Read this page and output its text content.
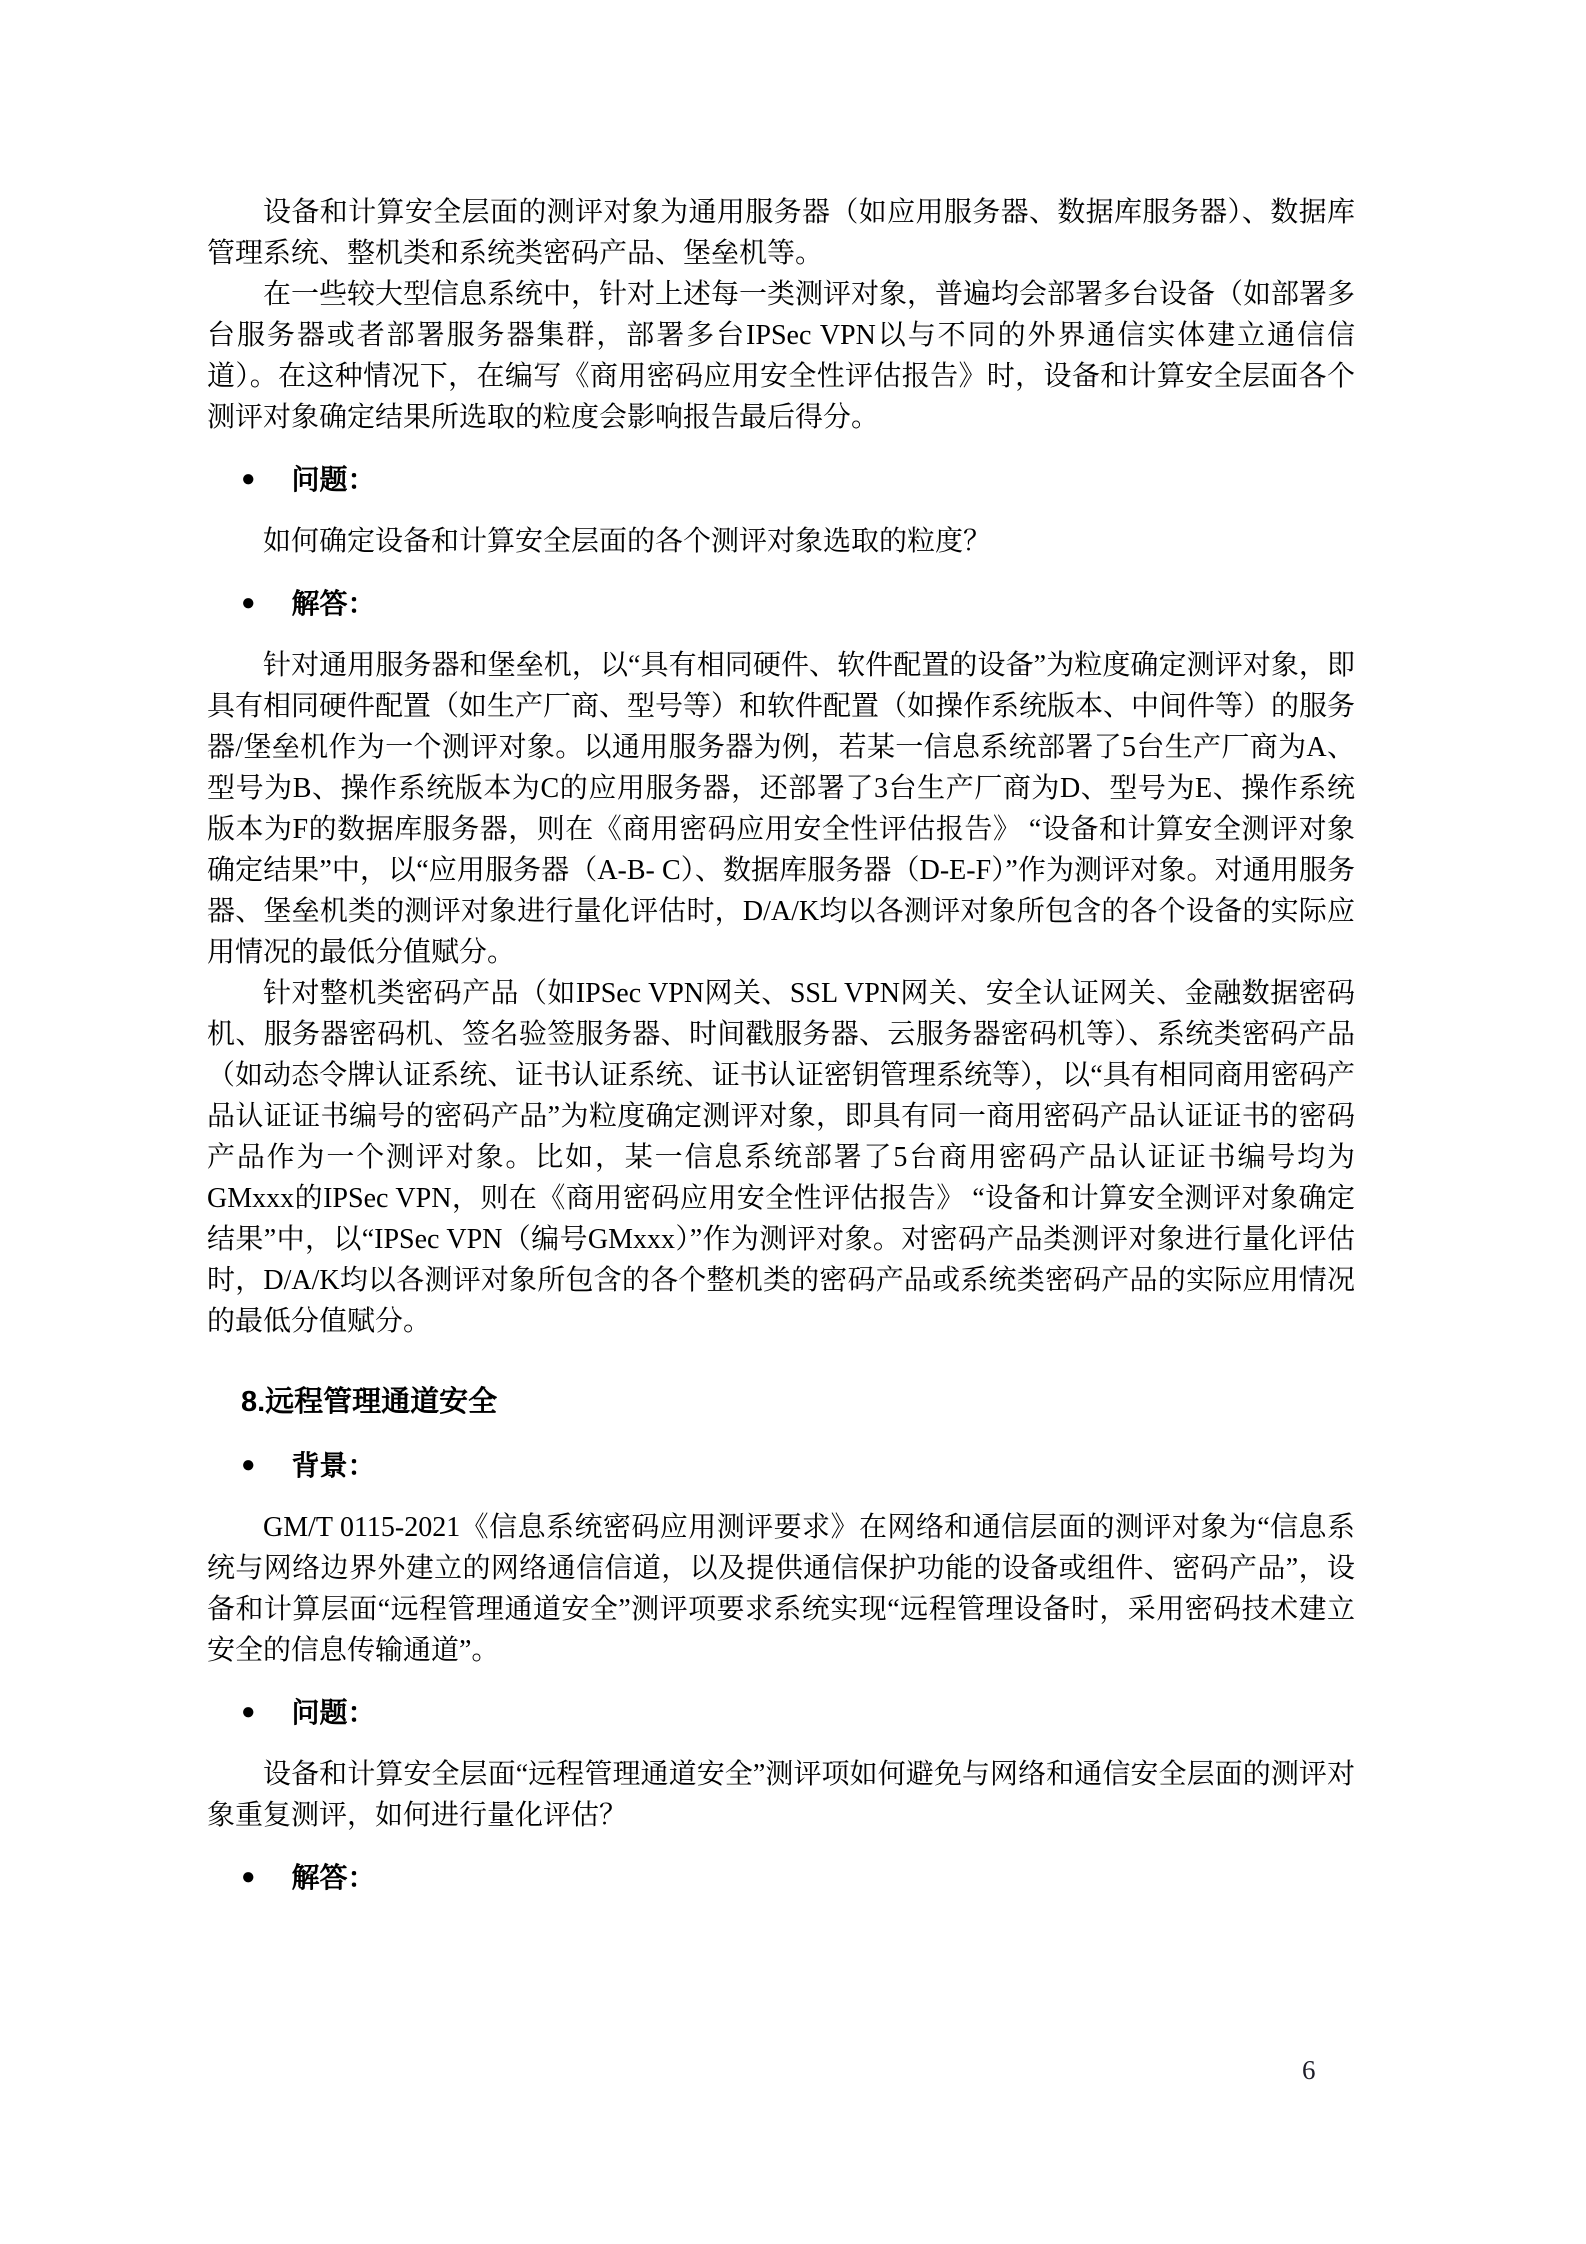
设备和计算安全层面的测评对象为通用服务器（如应用服务器、数据库服务器）、数据库管理系统、整机类和系统类密码产品、堡垒机等。

在一些较大型信息系统中，针对上述每一类测评对象，普遍均会部署多台设备（如部署多台服务器或者部署服务器集群，部署多台IPSec VPN以与不同的外界通信实体建立通信信道）。在这种情况下，在编写《商用密码应用安全性评估报告》时，设备和计算安全层面各个测评对象确定结果所选取的粒度会影响报告最后得分。

● 问题：

如何确定设备和计算安全层面的各个测评对象选取的粒度？

● 解答：

针对通用服务器和堡垒机，以“具有相同硬件、软件配置的设备”为粒度确定测评对象，即具有相同硬件配置（如生产厂商、型号等）和软件配置（如操作系统版本、中间件等）的服务器/堡垒机作为一个测评对象。以通用服务器为例，若某一信息系统部署了5台生产厂商为A、型号为B、操作系统版本为C的应用服务器，还部署了3台生产厂商为D、型号为E、操作系统版本为F的数据库服务器，则在《商用密码应用安全性评估报告》 “设备和计算安全测评对象确定结果”中，以“应用服务器（A-B- C）、数据库服务器（D-E-F）”作为测评对象。对通用服务器、堡垒机类的测评对象进行量化评估时，D/A/K均以各测评对象所包含的各个设备的实际应用情况的最低分值赋分。

针对整机类密码产品（如IPSec VPN网关、SSL VPN网关、安全认证网关、金融数据密码机、服务器密码机、签名验签服务器、时间戳服务器、云服务器密码机等）、系统类密码产品（如动态令牌认证系统、证书认证系统、证书认证密钥管理系统等），以“具有相同商用密码产品认证证书编号的密码产品”为粒度确定测评对象，即具有同一商用密码产品认证证书的密码产品作为一个测评对象。比如，某一信息系统部署了5台商用密码产品认证证书编号均为GMxxx的IPSec VPN，则在《商用密码应用安全性评估报告》 “设备和计算安全测评对象确定结果”中，以“IPSec VPN（编号GMxxx）”作为测评对象。对密码产品类测评对象进行量化评估时，D/A/K均以各测评对象所包含的各个整机类的密码产品或系统类密码产品的实际应用情况的最低分值赋分。

8.远程管理通道安全
● 背景：

GM/T 0115-2021《信息系统密码应用测评要求》在网络和通信层面的测评对象为“信息系统与网络边界外建立的网络通信信道，以及提供通信保护功能的设备或组件、密码产品”，设备和计算层面“远程管理通道安全”测评项要求系统实现“远程管理设备时，采用密码技术建立安全的信息传输通道”。

● 问题：

设备和计算安全层面“远程管理通道安全”测评项如何避免与网络和通信安全层面的测评对象重复测评，如何进行量化评估？

● 解答：
6
